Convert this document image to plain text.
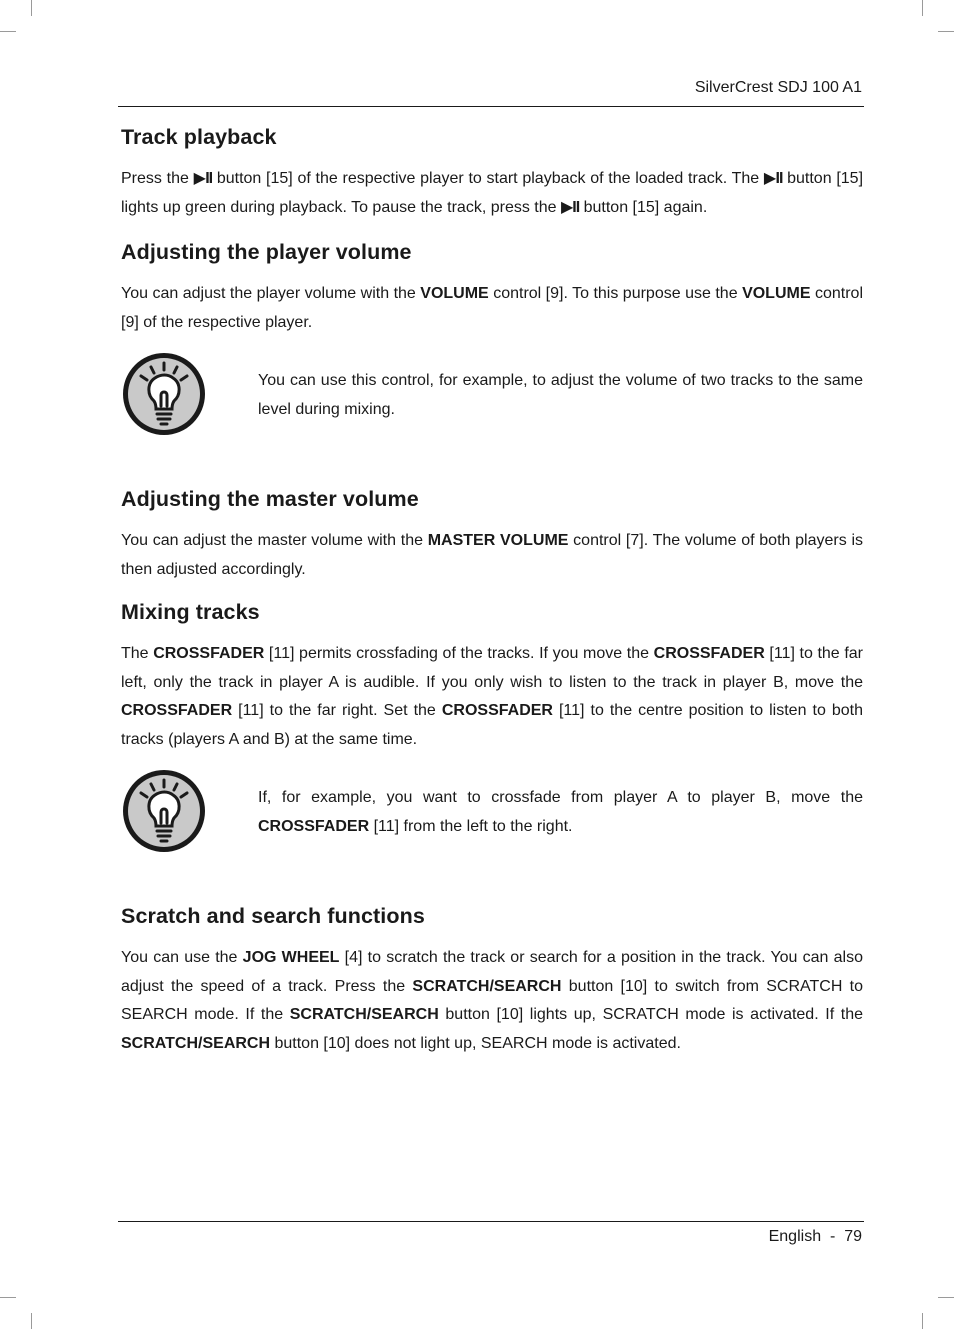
SilverCrest SDJ 100 A1
Track playback

Press the ▶II button [15] of the respective player to start playback of the loaded track. The ▶II button [15] lights up green during playback. To pause the track, press the ▶II button [15] again.

Adjusting the player volume

You can adjust the player volume with the VOLUME control [9]. To this purpose use the VOLUME control [9] of the respective player.

You can use this control, for example, to adjust the volume of two tracks to the same level during mixing.

Adjusting the master volume

You can adjust the master volume with the MASTER VOLUME control [7]. The volume of both players is then adjusted accordingly.

Mixing tracks

The CROSSFADER [11] permits crossfading of the tracks. If you move the CROSSFADER [11] to the far left, only the track in player A is audible. If you only wish to listen to the track in player B, move the CROSSFADER [11] to the far right. Set the CROSSFADER [11] to the centre position to listen to both tracks (players A and B) at the same time.

If, for example, you want to crossfade from player A to player B, move the CROSSFADER [11] from the left to the right.

Scratch and search functions

You can use the JOG WHEEL [4] to scratch the track or search for a position in the track. You can also adjust the speed of a track. Press the SCRATCH/SEARCH button [10] to switch from SCRATCH to SEARCH mode. If the SCRATCH/SEARCH button [10] lights up, SCRATCH mode is activated. If the SCRATCH/SEARCH button [10] does not light up, SEARCH mode is activated.

English - 79
